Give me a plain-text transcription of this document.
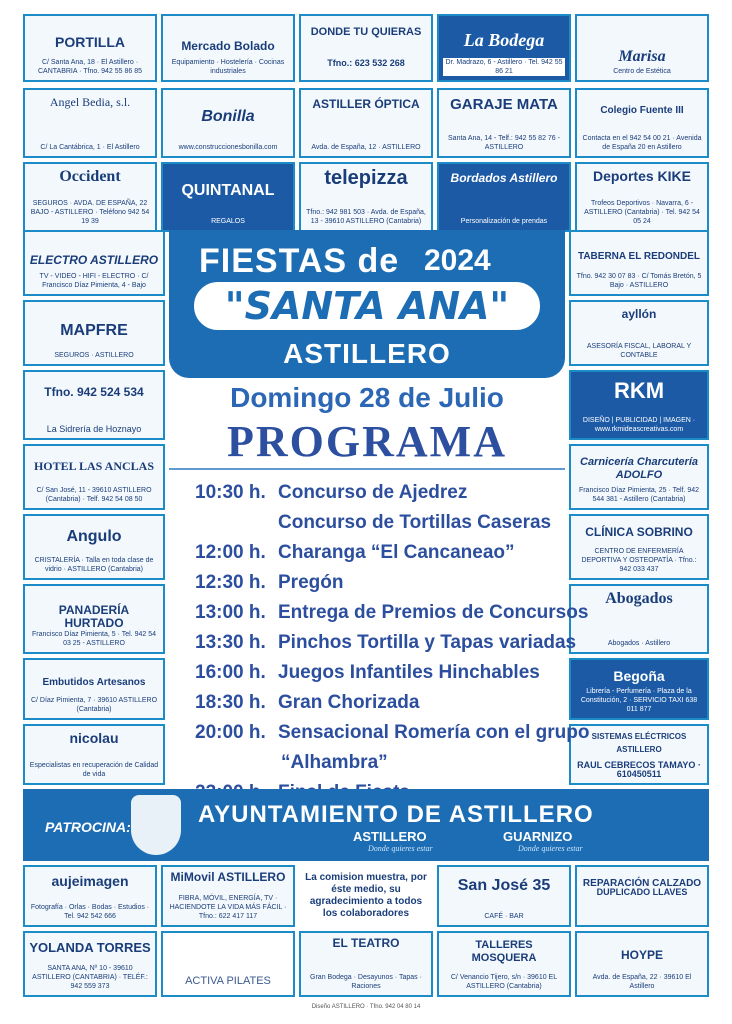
PORTILLA
C/ Santa Ana, 18 · El Astillero · CANTABRIA · Tfno. 942 55 86 85
Mercado Bolado
Equipamiento · Hostelería · Cocinas industriales
DONDE TU QUIERAS
Tfno.: 623 532 268
La Bodega
Dr. Madrazo, 6 - Astillero · Tel. 942 55 86 21
Marisa
Centro de Estética
Angel Bedia, s.l.
C/ La Cantábrica, 1 · El Astillero
Bonilla
www.construccionesbonilla.com
ASTILLER ÓPTICA
Avda. de España, 12 · ASTILLERO
GARAJE MATA
Santa Ana, 14 - Telf.: 942 55 82 76 - ASTILLERO
Colegio Fuente III
Contacta en el 942 54 00 21 · Avenida de España 20 en Astillero
Occident
SEGUROS · AVDA. DE ESPAÑA, 22 BAJO - ASTILLERO · Teléfono 942 54 19 39
QUINTANAL
REGALOS
telepizza
Tfno.: 942 981 503 · Avda. de España, 13 - 39610 ASTILLERO (Cantabria)
Bordados Astillero
Personalización de prendas
Deportes KIKE
Trofeos Deportivos · Navarra, 6 - ASTILLERO (Cantabria) · Tel. 942 54 05 24
ELECTRO ASTILLERO
TV - VIDEO - HIFI - ELECTRO · C/ Francisco Díaz Pimienta, 4 - Bajo
MAPFRE
SEGUROS · ASTILLERO
Tfno. 942 524 534
La Sidrería de Hoznayo
HOTEL LAS ANCLAS
C/ San José, 11 - 39610 ASTILLERO (Cantabria) · Telf. 942 54 08 50
Angulo
CRISTALERÍA · Talla en toda clase de vidrio · ASTILLERO (Cantabria)
PANADERÍA HURTADO
Francisco Díaz Pimienta, 5 · Tel. 942 54 03 25 - ASTILLERO
Embutidos Artesanos
C/ Díaz Pimienta, 7 · 39610 ASTILLERO (Cantabria)
nicolau
Especialistas en recuperación de Calidad de vida
TABERNA EL REDONDEL
Tfno. 942 30 07 83 · C/ Tomás Bretón, 5 Bajo · ASTILLERO
ayllón
ASESORÍA FISCAL, LABORAL Y CONTABLE
RKM
DISEÑO | PUBLICIDAD | IMAGEN · www.rkmideascreativas.com
Carnicería Charcutería ADOLFO
Francisco Díaz Pimienta, 25 · Telf. 942 544 381 - Astillero (Cantabria)
CLÍNICA SOBRINO
CENTRO DE ENFERMERÍA DEPORTIVA Y OSTEOPATÍA · Tfno.: 942 033 437
Abogados
Abogados · Astillero
Begoña
Librería - Perfumería · Plaza de la Constitución, 2 · SERVICIO TAXI 638 011 877
SISTEMAS ELÉCTRICOS ASTILLERO
RAUL CEBRECOS TAMAYO · 610450511
FIESTAS de 2024
"SANTA ANA"
ASTILLERO
Domingo 28 de Julio
PROGRAMA
10:30 h. Concurso de Ajedrez
Concurso de Tortillas Caseras
12:00 h. Charanga “El Cancaneao”
12:30 h. Pregón
13:00 h. Entrega de Premios de Concursos
13:30 h. Pinchos Tortilla y Tapas variadas
16:00 h. Juegos Infantiles Hinchables
18:30 h. Gran Chorizada
20:00 h. Sensacional Romería con el grupo
“Alhambra”
PATROCINA:	AYUNTAMIENTO DE ASTILLERO
ASTILLERO
Donde quieres estar
GUARNIZO
Donde quieres estar
aujeimagen
Fotografía · Orlas · Bodas · Estudios · Tel. 942 542 666
MiMovil ASTILLERO
FIBRA, MÓVIL, ENERGÍA, TV · HACIENDOTE LA VIDA MÁS FÁCIL · Tfno.: 622 417 117
La comision muestra, por éste medio, su agradecimiento a todos los colaboradores
San José 35
CAFÉ · BAR
REPARACIÓN CALZADO
DUPLICADO LLAVES
YOLANDA TORRES
SANTA ANA, Nº 10 - 39610 ASTILLERO (CANTABRIA) · TELÉF.: 942 559 373	ACTIVA PILATES
EL TEATRO
Gran Bodega · Desayunos · Tapas · Raciones
TALLERES MOSQUERA
C/ Venancio Tijero, s/n · 39610 EL ASTILLERO (Cantabria)
HOYPE
Avda. de España, 22 · 39610 El Astillero
Diseño ASTILLERO · Tfno. 942 04 80 14
